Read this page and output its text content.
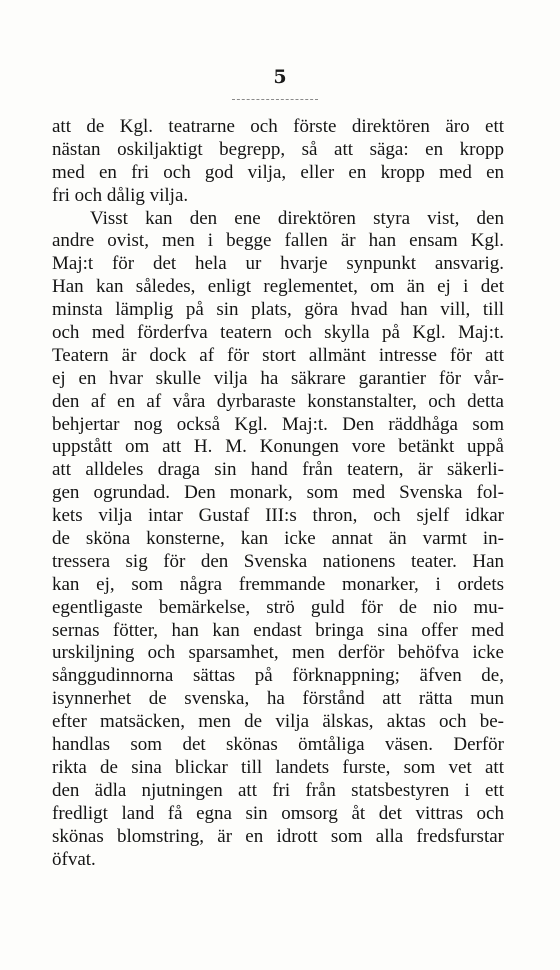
5
att de Kgl. teatrarne och förste direktören äro ett
nästan oskiljaktigt begrepp, så att säga: en kropp
med en fri och god vilja, eller en kropp med en
fri och dålig vilja.
Visst kan den ene direktören styra vist, den
andre ovist, men i begge fallen är han ensam Kgl.
Maj:t för det hela ur hvarje synpunkt ansvarig.
Han kan således, enligt reglementet, om än ej i det
minsta lämplig på sin plats, göra hvad han vill, till
och med förderfva teatern och skylla på Kgl. Maj:t.
Teatern är dock af för stort allmänt intresse för att
ej en hvar skulle vilja ha säkrare garantier för vår-
den af en af våra dyrbaraste konstanstalter, och detta
behjertar nog också Kgl. Maj:t. Den räddhåga som
uppstått om att H. M. Konungen vore betänkt uppå
att alldeles draga sin hand från teatern, är säkerli-
gen ogrundad. Den monark, som med Svenska fol-
kets vilja intar Gustaf III:s thron, och sjelf idkar
de sköna konsterne, kan icke annat än varmt in-
tressera sig för den Svenska nationens teater. Han
kan ej, som några fremmande monarker, i ordets
egentligaste bemärkelse, strö guld för de nio mu-
sernas fötter, han kan endast bringa sina offer med
urskiljning och sparsamhet, men derför behöfva icke
sånggudinnorna sättas på förknappning; äfven de,
isynnerhet de svenska, ha förstånd att rätta mun
efter matsäcken, men de vilja älskas, aktas och be-
handlas som det skönas ömtåliga väsen. Derför
rikta de sina blickar till landets furste, som vet att
den ädla njutningen att fri från statsbestyren i ett
fredligt land få egna sin omsorg åt det vittras och
skönas blomstring, är en idrott som alla fredsfurstar
öfvat.
